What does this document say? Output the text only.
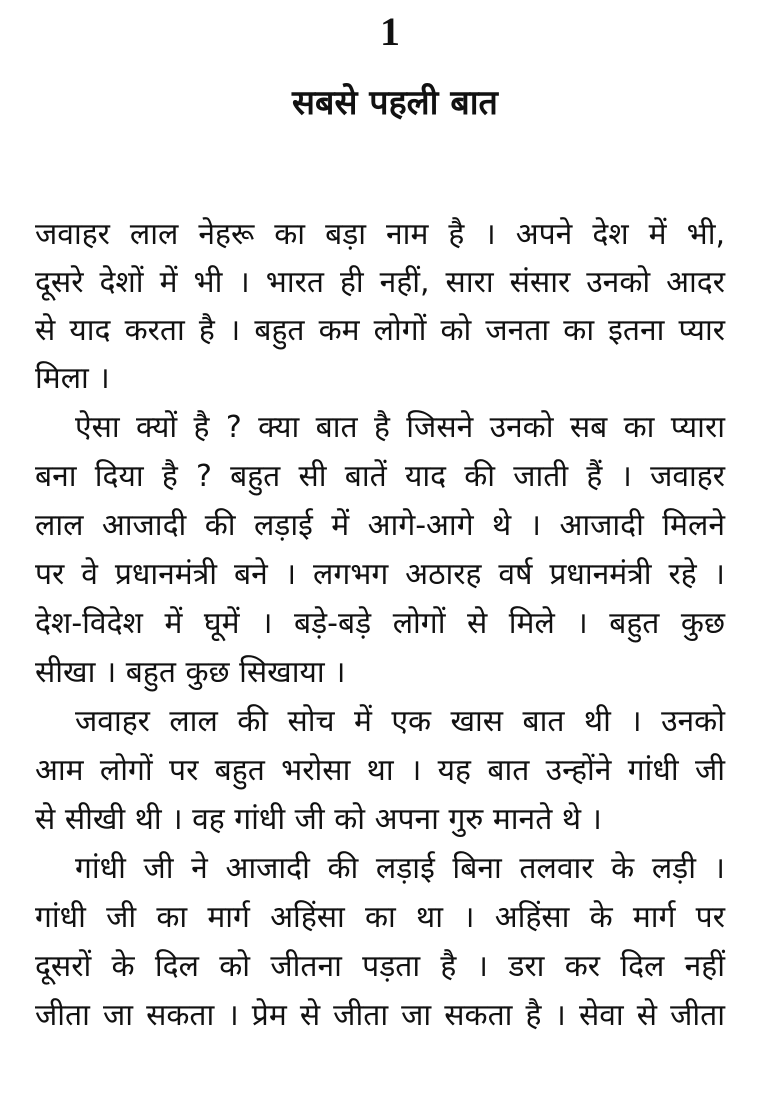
1
सबसे पहली बात
जवाहर लाल नेहरू का बड़ा नाम है । अपने देश में भी,
दूसरे देशों में भी । भारत ही नहीं, सारा संसार उनको आदर
से याद करता है । बहुत कम लोगों को जनता का इतना प्यार
मिला ।
ऐसा क्यों है ? क्या बात है जिसने उनको सब का प्यारा
बना दिया है ? बहुत सी बातें याद की जाती हैं । जवाहर
लाल आजादी की लड़ाई में आगे-आगे थे । आजादी मिलने
पर वे प्रधानमंत्री बने । लगभग अठारह वर्ष प्रधानमंत्री रहे ।
देश-विदेश में घूमें । बड़े-बड़े लोगों से मिले । बहुत कुछ
सीखा । बहुत कुछ सिखाया ।
जवाहर लाल की सोच में एक खास बात थी । उनको
आम लोगों पर बहुत भरोसा था । यह बात उन्होंने गांधी जी
से सीखी थी । वह गांधी जी को अपना गुरु मानते थे ।
गांधी जी ने आजादी की लड़ाई बिना तलवार के लड़ी ।
गांधी जी का मार्ग अहिंसा का था । अहिंसा के मार्ग पर
दूसरों के दिल को जीतना पड़ता है । डरा कर दिल नहीं
जीता जा सकता । प्रेम से जीता जा सकता है । सेवा से जीता
